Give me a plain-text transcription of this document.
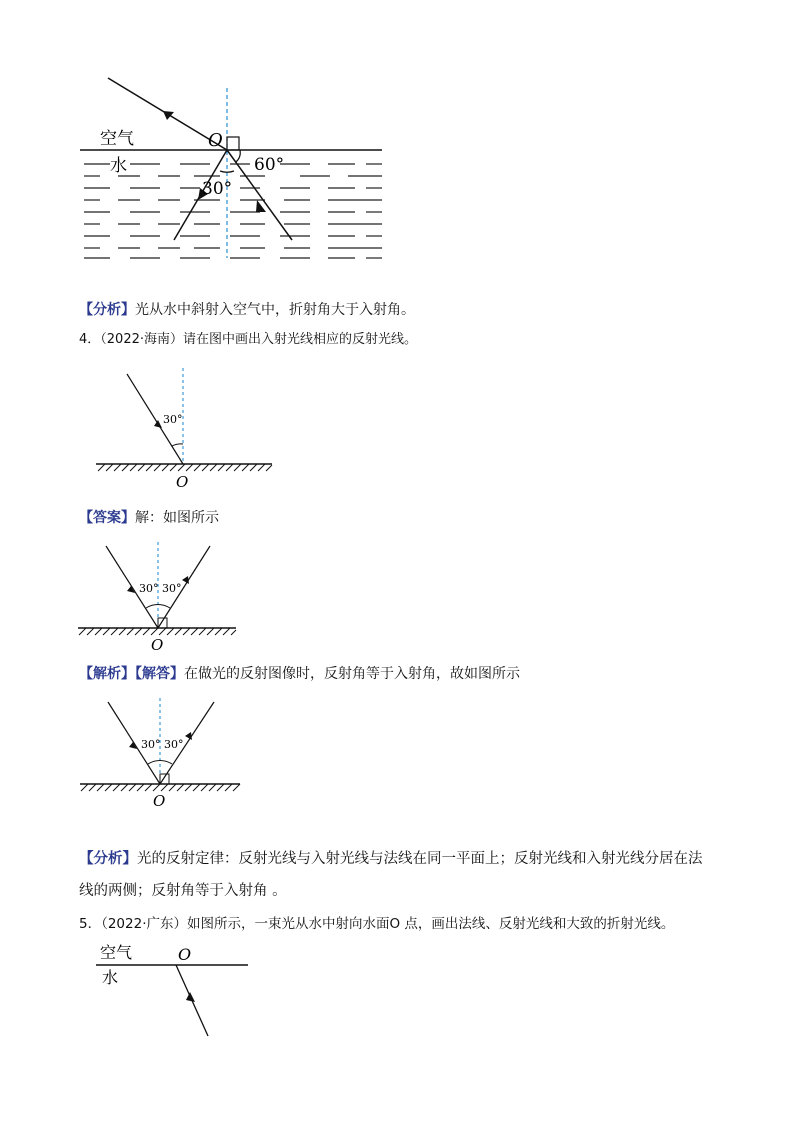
空气
水
O
60°
30°
【分析】光从水中斜射入空气中，折射角大于入射角。
4．（2022·海南）请在图中画出入射光线相应的反射光线。
30°
O
【答案】解：如图所示
30° 30°
O
【解析】【解答】在做光的反射图像时，反射角等于入射角，故如图所示
30° 30°
O
【分析】光的反射定律：反射光线与入射光线与法线在同一平面上；反射光线和入射光线分居在法
线的两侧；反射角等于入射角 。
5．（2022·广东）如图所示，一束光从水中射向水面O 点，画出法线、反射光线和大致的折射光线。
空气
水
O
